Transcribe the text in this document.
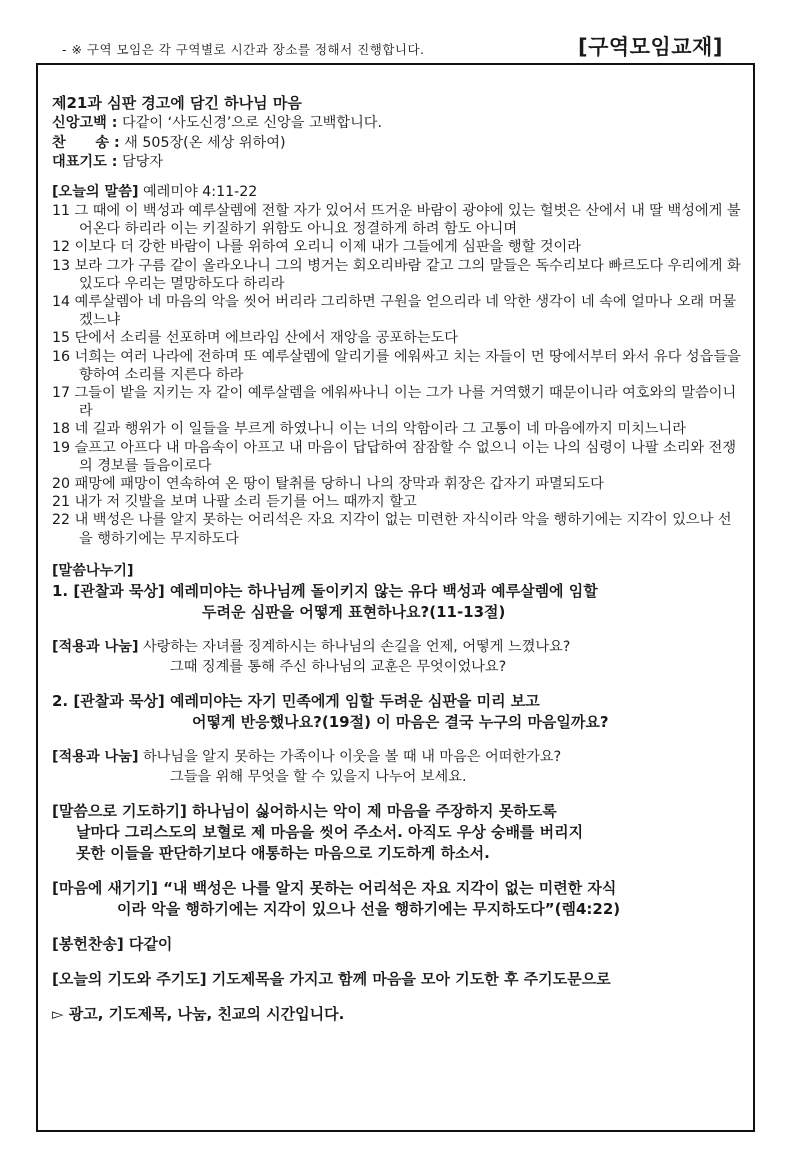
- ※ 구역 모임은 각 구역별로 시간과 장소를 정해서 진행합니다.	[구역모임교재]
제21과 심판 경고에 담긴 하나님 마음
신앙고백 : 다같이 ‘사도신경’으로 신앙을 고백합니다.
찬      송 : 새 505장(온 세상 위하여)
대표기도 : 담당자
[오늘의 말씀] 예레미야 4:11-22
11 그 때에 이 백성과 예루살렘에 전할 자가 있어서 뜨거운 바람이 광야에 있는 헐벗은 산에서 내 딸 백성에게 불어온다 하리라 이는 키질하기 위함도 아니요 정결하게 하려 함도 아니며
12 이보다 더 강한 바람이 나를 위하여 오리니 이제 내가 그들에게 심판을 행할 것이라
13 보라 그가 구름 같이 올라오나니 그의 병거는 회오리바람 같고 그의 말들은 독수리보다 빠르도다 우리에게 화 있도다 우리는 멸망하도다 하리라
14 예루살렘아 네 마음의 악을 씻어 버리라 그리하면 구원을 얻으리라 네 악한 생각이 네 속에 얼마나 오래 머물겠느냐
15 단에서 소리를 선포하며 에브라임 산에서 재앙을 공포하는도다
16 너희는 여러 나라에 전하며 또 예루살렘에 알리기를 에워싸고 치는 자들이 먼 땅에서부터 와서 유다 성읍들을 향하여 소리를 지른다 하라
17 그들이 밭을 지키는 자 같이 예루살렘을 에워싸나니 이는 그가 나를 거역했기 때문이니라 여호와의 말씀이니라
18 네 길과 행위가 이 일들을 부르게 하였나니 이는 너의 악함이라 그 고통이 네 마음에까지 미치느니라
19 슬프고 아프다 내 마음속이 아프고 내 마음이 답답하여 잠잠할 수 없으니 이는 나의 심령이 나팔 소리와 전쟁의 경보를 들음이로다
20 패망에 패망이 연속하여 온 땅이 탈취를 당하니 나의 장막과 휘장은 갑자기 파멸되도다
21 내가 저 깃발을 보며 나팔 소리 듣기를 어느 때까지 할고
22 내 백성은 나를 알지 못하는 어리석은 자요 지각이 없는 미련한 자식이라 악을 행하기에는 지각이 있으나 선을 행하기에는 무지하도다
[말씀나누기]
1. [관찰과 묵상] 예레미야는 하나님께 돌이키지 않는 유다 백성과 예루살렘에 임할
두려운 심판을 어떻게 표현하나요?(11-13절)
[적용과 나눔] 사랑하는 자녀를 징계하시는 하나님의 손길을 언제, 어떻게 느꼈나요?
그때 징계를 통해 주신 하나님의 교훈은 무엇이었나요?
2. [관찰과 묵상] 예레미야는 자기 민족에게 임할 두려운 심판을 미리 보고
어떻게 반응했나요?(19절) 이 마음은 결국 누구의 마음일까요?
[적용과 나눔] 하나님을 알지 못하는 가족이나 이웃을 볼 때 내 마음은 어떠한가요?
그들을 위해 무엇을 할 수 있을지 나누어 보세요.
[말씀으로 기도하기] 하나님이 싫어하시는 악이 제 마음을 주장하지 못하도록
날마다 그리스도의 보혈로 제 마음을 씻어 주소서. 아직도 우상 숭배를 버리지
못한 이들을 판단하기보다 애통하는 마음으로 기도하게 하소서.
[마음에 새기기] “내 백성은 나를 알지 못하는 어리석은 자요 지각이 없는 미련한 자식
이라 악을 행하기에는 지각이 있으나 선을 행하기에는 무지하도다”(렘4:22)
[봉헌찬송] 다같이
[오늘의 기도와 주기도] 기도제목을 가지고 함께 마음을 모아 기도한 후 주기도문으로
▻ 광고, 기도제목, 나눔, 친교의 시간입니다.
